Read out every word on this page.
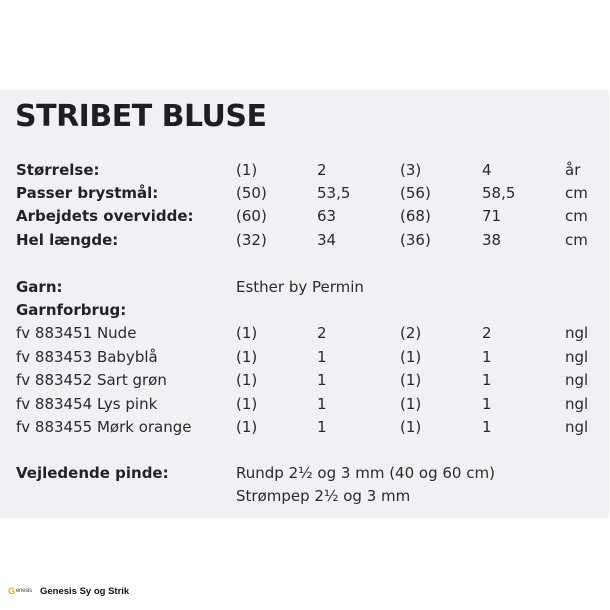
STRIBET BLUSE
Størrelse:	(1)	2	(3)	4	år
Passer brystmål:	(50)	53,5	(56)	58,5	cm
Arbejdets overvidde:	(60)	63	(68)	71	cm
Hel længde:	(32)	34	(36)	38	cm
Garn:	Esther by Permin
Garnforbrug:
fv 883451 Nude	(1)	2	(2)	2	ngl
fv 883453 Babyblå	(1)	1	(1)	1	ngl
fv 883452 Sart grøn	(1)	1	(1)	1	ngl
fv 883454 Lys pink	(1)	1	(1)	1	ngl
fv 883455 Mørk orange	(1)	1	(1)	1	ngl
Vejledende pinde:	Rundp 2½ og 3 mm (40 og 60 cm)
Strømpep 2½ og 3 mm
G enesis Genesis Sy og Strik
